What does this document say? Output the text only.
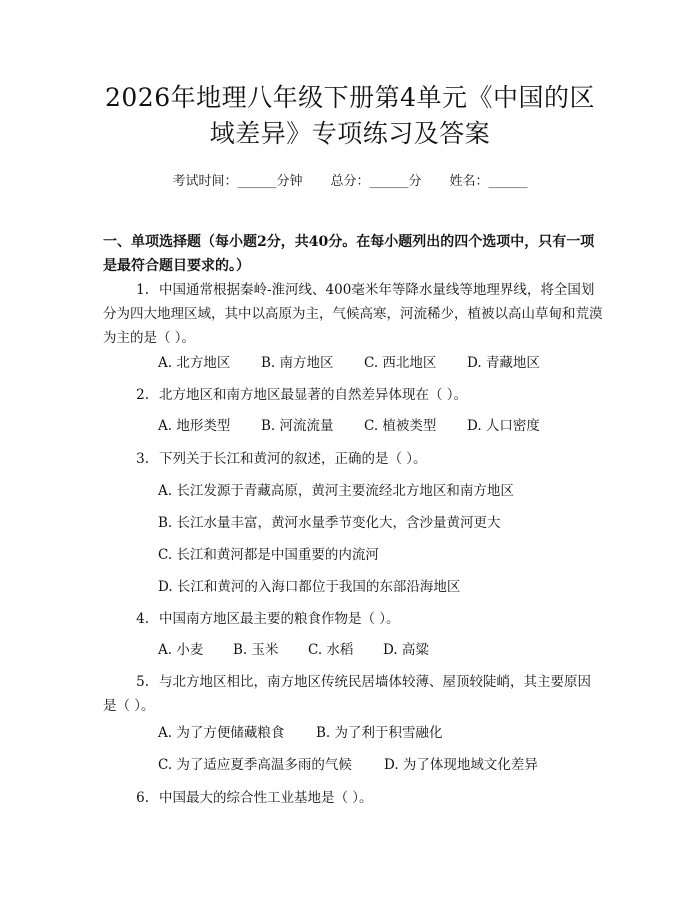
2026年地理八年级下册第4单元《中国的区
域差异》专项练习及答案
考试时间：______分钟 总分：______分 姓名：______
一、单项选择题（每小题2分，共40分。在每小题列出的四个选项中，只有一项是最符合题目要求的。）
1. 中国通常根据秦岭-淮河线、400毫米年等降水量线等地理界线，将全国划分为四大地理区域，其中以高原为主，气候高寒，河流稀少，植被以高山草甸和荒漠为主的是（ ）。
A. 北方地区 B. 南方地区 C. 西北地区 D. 青藏地区
2. 北方地区和南方地区最显著的自然差异体现在（ ）。
A. 地形类型 B. 河流流量 C. 植被类型 D. 人口密度
3. 下列关于长江和黄河的叙述，正确的是（ ）。
A. 长江发源于青藏高原，黄河主要流经北方地区和南方地区
B. 长江水量丰富，黄河水量季节变化大，含沙量黄河更大
C. 长江和黄河都是中国重要的内流河
D. 长江和黄河的入海口都位于我国的东部沿海地区
4. 中国南方地区最主要的粮食作物是（ ）。
A. 小麦 B. 玉米 C. 水稻 D. 高粱
5. 与北方地区相比，南方地区传统民居墙体较薄、屋顶较陡峭，其主要原因是（ ）。
A. 为了方便储藏粮食 B. 为了利于积雪融化
C. 为了适应夏季高温多雨的气候 D. 为了体现地域文化差异
6. 中国最大的综合性工业基地是（ ）。
